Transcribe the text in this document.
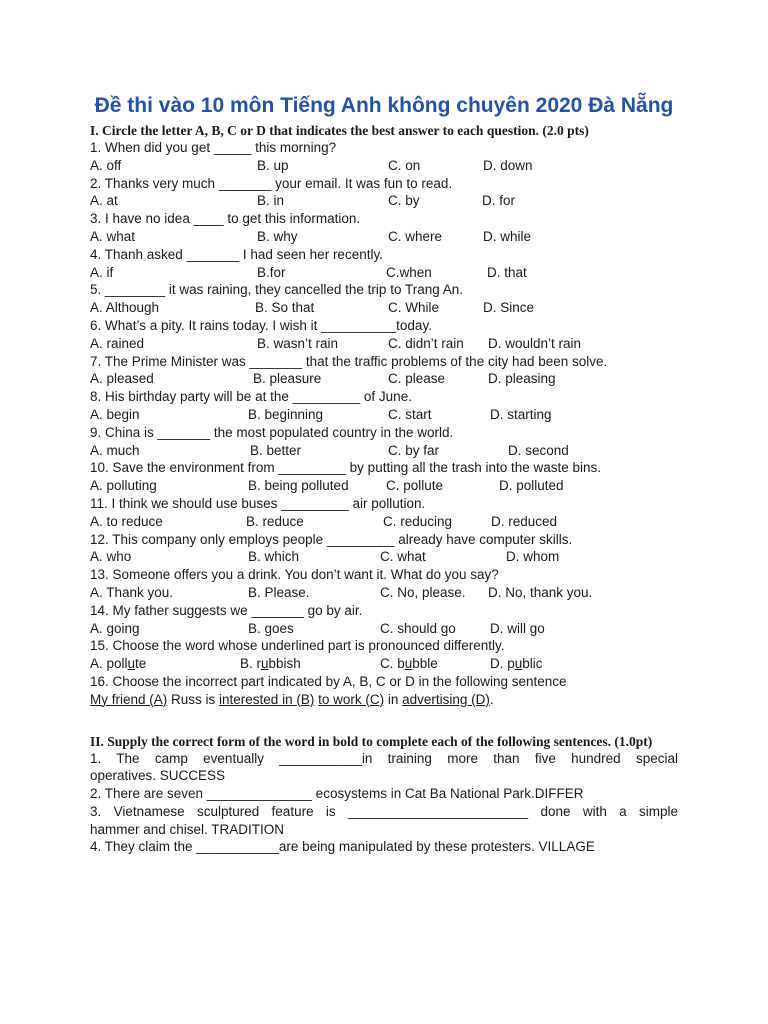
Đề thi vào 10 môn Tiếng Anh không chuyên 2020 Đà Nẵng
I. Circle the letter A, B, C or D that indicates the best answer to each question. (2.0 pts)
1. When did you get _____ this morning?
A. off	B. up	C. on	D. down
2. Thanks very much _______ your email. It was fun to read.
A. at	B. in	C. by	D. for
3. I have no idea ____ to get this information.
A. what	B. why	C. where	D. while
4. Thanh asked _______ I had seen her recently.
A. if	B.for	C.when	D. that
5. ________ it was raining, they cancelled the trip to Trang An.
A. Although	B. So that	C. While	D. Since
6. What’s a pity. It rains today. I wish it __________today.
A. rained	B. wasn’t rain	C. didn’t rain D. wouldn’t rain
7. The Prime Minister was _______ that the traffic problems of the city had been solve.
A. pleased	B. pleasure	C. please	D. pleasing
8. His birthday party will be at the _________ of June.
A. begin	B. beginning	C. start	D. starting
9. China is _______ the most populated country in the world.
A. much	B. better	C. by far	D. second
10. Save the environment from _________ by putting all the trash into the waste bins.
A. polluting	B. being polluted	C. pollute	D. polluted
11. I think we should use buses _________ air pollution.
A. to reduce	B. reduce	C. reducing	D. reduced
12. This company only employs people _________ already have computer skills.
A. who	B. which	C. what	D. whom
13. Someone offers you a drink. You don’t want it. What do you say?
A. Thank you.	B. Please.	C. No, please. D. No, thank you.
14. My father suggests we _______ go by air.
A. going	B. goes	C. should go	D. will go
15. Choose the word whose underlined part is pronounced differently.
A. pollute	B. rubbish	C. bubble	D. public
16. Choose the incorrect part indicated by A, B, C or D in the following sentence
My friend (A) Russ is interested in (B) to work (C) in advertising (D).
II. Supply the correct form of the word in bold to complete each of the following sentences. (1.0pt)
1. The camp eventually ___________in training more than five hundred special
operatives. SUCCESS
2. There are seven ______________ ecosystems in Cat Ba National Park.DIFFER
3. Vietnamese sculptured feature is ________________________ done with a simple
hammer and chisel. TRADITION
4. They claim the ___________are being manipulated by these protesters. VILLAGE
